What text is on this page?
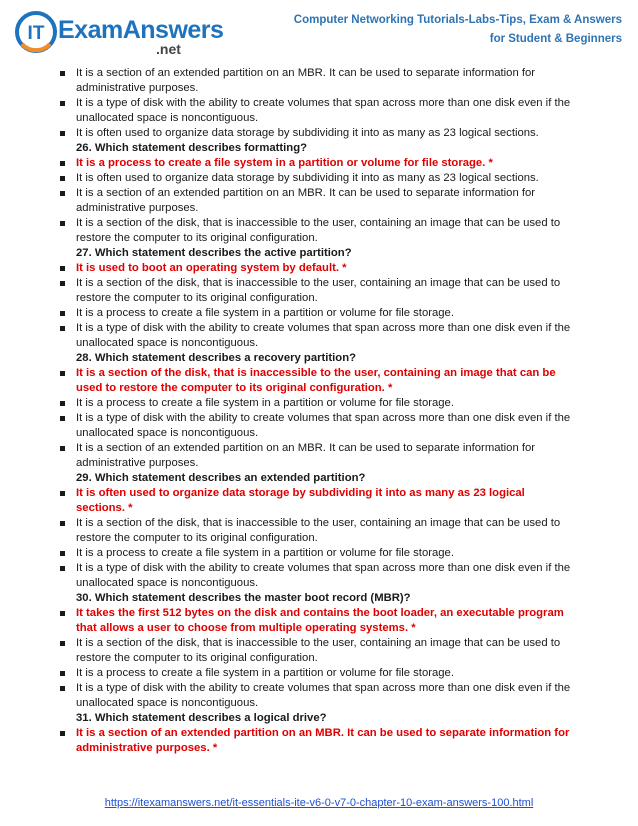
IT ExamAnswers
.net
Computer Networking Tutorials-Labs-Tips, Exam & Answers
for Student & Beginners
It is a section of an extended partition on an MBR. It can be used to separate information for administrative purposes.
It is a type of disk with the ability to create volumes that span across more than one disk even if the unallocated space is noncontiguous.
It is often used to organize data storage by subdividing it into as many as 23 logical sections.
26. Which statement describes formatting?
It is a process to create a file system in a partition or volume for file storage. *
It is often used to organize data storage by subdividing it into as many as 23 logical sections.
It is a section of an extended partition on an MBR. It can be used to separate information for administrative purposes.
It is a section of the disk, that is inaccessible to the user, containing an image that can be used to restore the computer to its original configuration.
27. Which statement describes the active partition?
It is used to boot an operating system by default. *
It is a section of the disk, that is inaccessible to the user, containing an image that can be used to restore the computer to its original configuration.
It is a process to create a file system in a partition or volume for file storage.
It is a type of disk with the ability to create volumes that span across more than one disk even if the unallocated space is noncontiguous.
28. Which statement describes a recovery partition?
It is a section of the disk, that is inaccessible to the user, containing an image that can be used to restore the computer to its original configuration. *
It is a process to create a file system in a partition or volume for file storage.
It is a type of disk with the ability to create volumes that span across more than one disk even if the unallocated space is noncontiguous.
It is a section of an extended partition on an MBR. It can be used to separate information for administrative purposes.
29. Which statement describes an extended partition?
It is often used to organize data storage by subdividing it into as many as 23 logical sections. *
It is a section of the disk, that is inaccessible to the user, containing an image that can be used to restore the computer to its original configuration.
It is a process to create a file system in a partition or volume for file storage.
It is a type of disk with the ability to create volumes that span across more than one disk even if the unallocated space is noncontiguous.
30. Which statement describes the master boot record (MBR)?
It takes the first 512 bytes on the disk and contains the boot loader, an executable program that allows a user to choose from multiple operating systems. *
It is a section of the disk, that is inaccessible to the user, containing an image that can be used to restore the computer to its original configuration.
It is a process to create a file system in a partition or volume for file storage.
It is a type of disk with the ability to create volumes that span across more than one disk even if the unallocated space is noncontiguous.
31. Which statement describes a logical drive?
It is a section of an extended partition on an MBR. It can be used to separate information for administrative purposes. *
https://itexamanswers.net/it-essentials-ite-v6-0-v7-0-chapter-10-exam-answers-100.html
